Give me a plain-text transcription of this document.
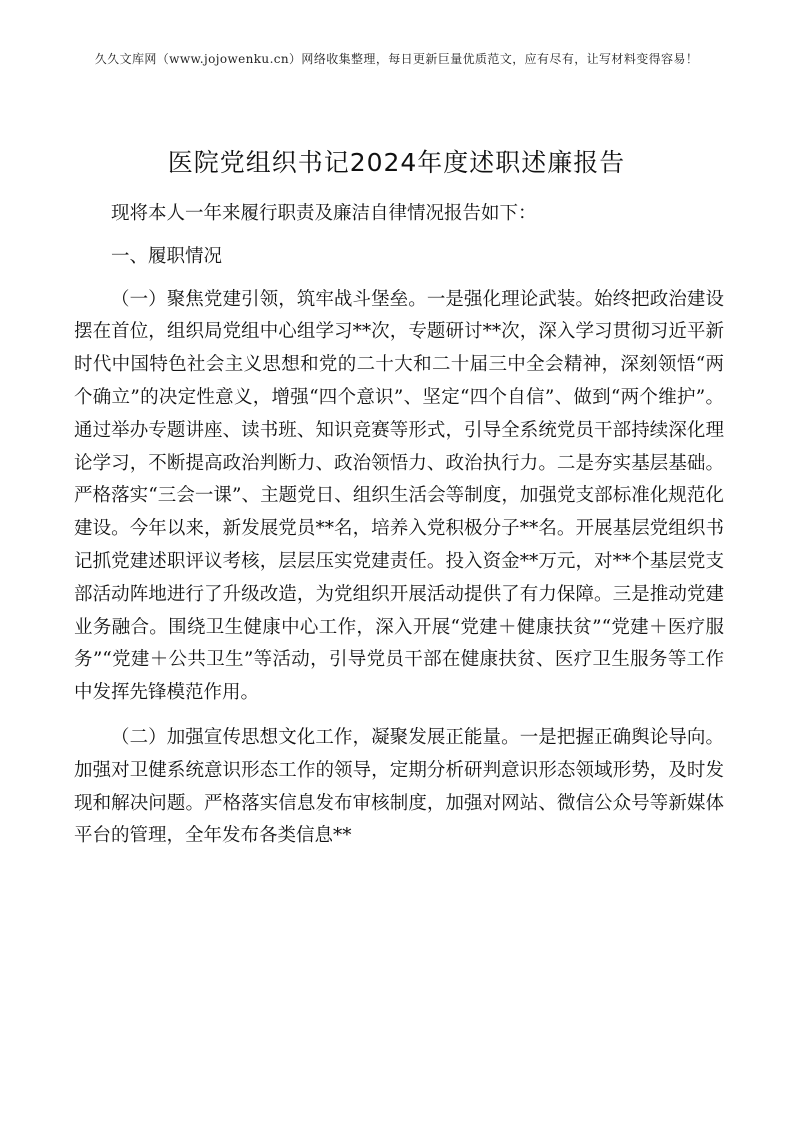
久久文库网（www.jojowenku.cn）网络收集整理，每日更新巨量优质范文，应有尽有，让写材料变得容易！
医院党组织书记2024年度述职述廉报告

现将本人一年来履行职责及廉洁自律情况报告如下：

一、履职情况

（一）聚焦党建引领，筑牢战斗堡垒。一是强化理论武装。始终把政治建设摆在首位，组织局党组中心组学习**次，专题研讨**次，深入学习贯彻习近平新时代中国特色社会主义思想和党的二十大和二十届三中全会精神，深刻领悟“两个确立”的决定性意义，增强“四个意识”、坚定“四个自信”、做到“两个维护”。通过举办专题讲座、读书班、知识竞赛等形式，引导全系统党员干部持续深化理论学习，不断提高政治判断力、政治领悟力、政治执行力。二是夯实基层基础。严格落实“三会一课”、主题党日、组织生活会等制度，加强党支部标准化规范化建设。今年以来，新发展党员**名，培养入党积极分子**名。开展基层党组织书记抓党建述职评议考核，层层压实党建责任。投入资金**万元，对**个基层党支部活动阵地进行了升级改造，为党组织开展活动提供了有力保障。三是推动党建业务融合。围绕卫生健康中心工作，深入开展“党建＋健康扶贫”“党建＋医疗服务”“党建＋公共卫生”等活动，引导党员干部在健康扶贫、医疗卫生服务等工作中发挥先锋模范作用。

（二）加强宣传思想文化工作，凝聚发展正能量。一是把握正确舆论导向。加强对卫健系统意识形态工作的领导，定期分析研判意识形态领域形势，及时发现和解决问题。严格落实信息发布审核制度，加强对网站、微信公众号等新媒体平台的管理，全年发布各类信息**
